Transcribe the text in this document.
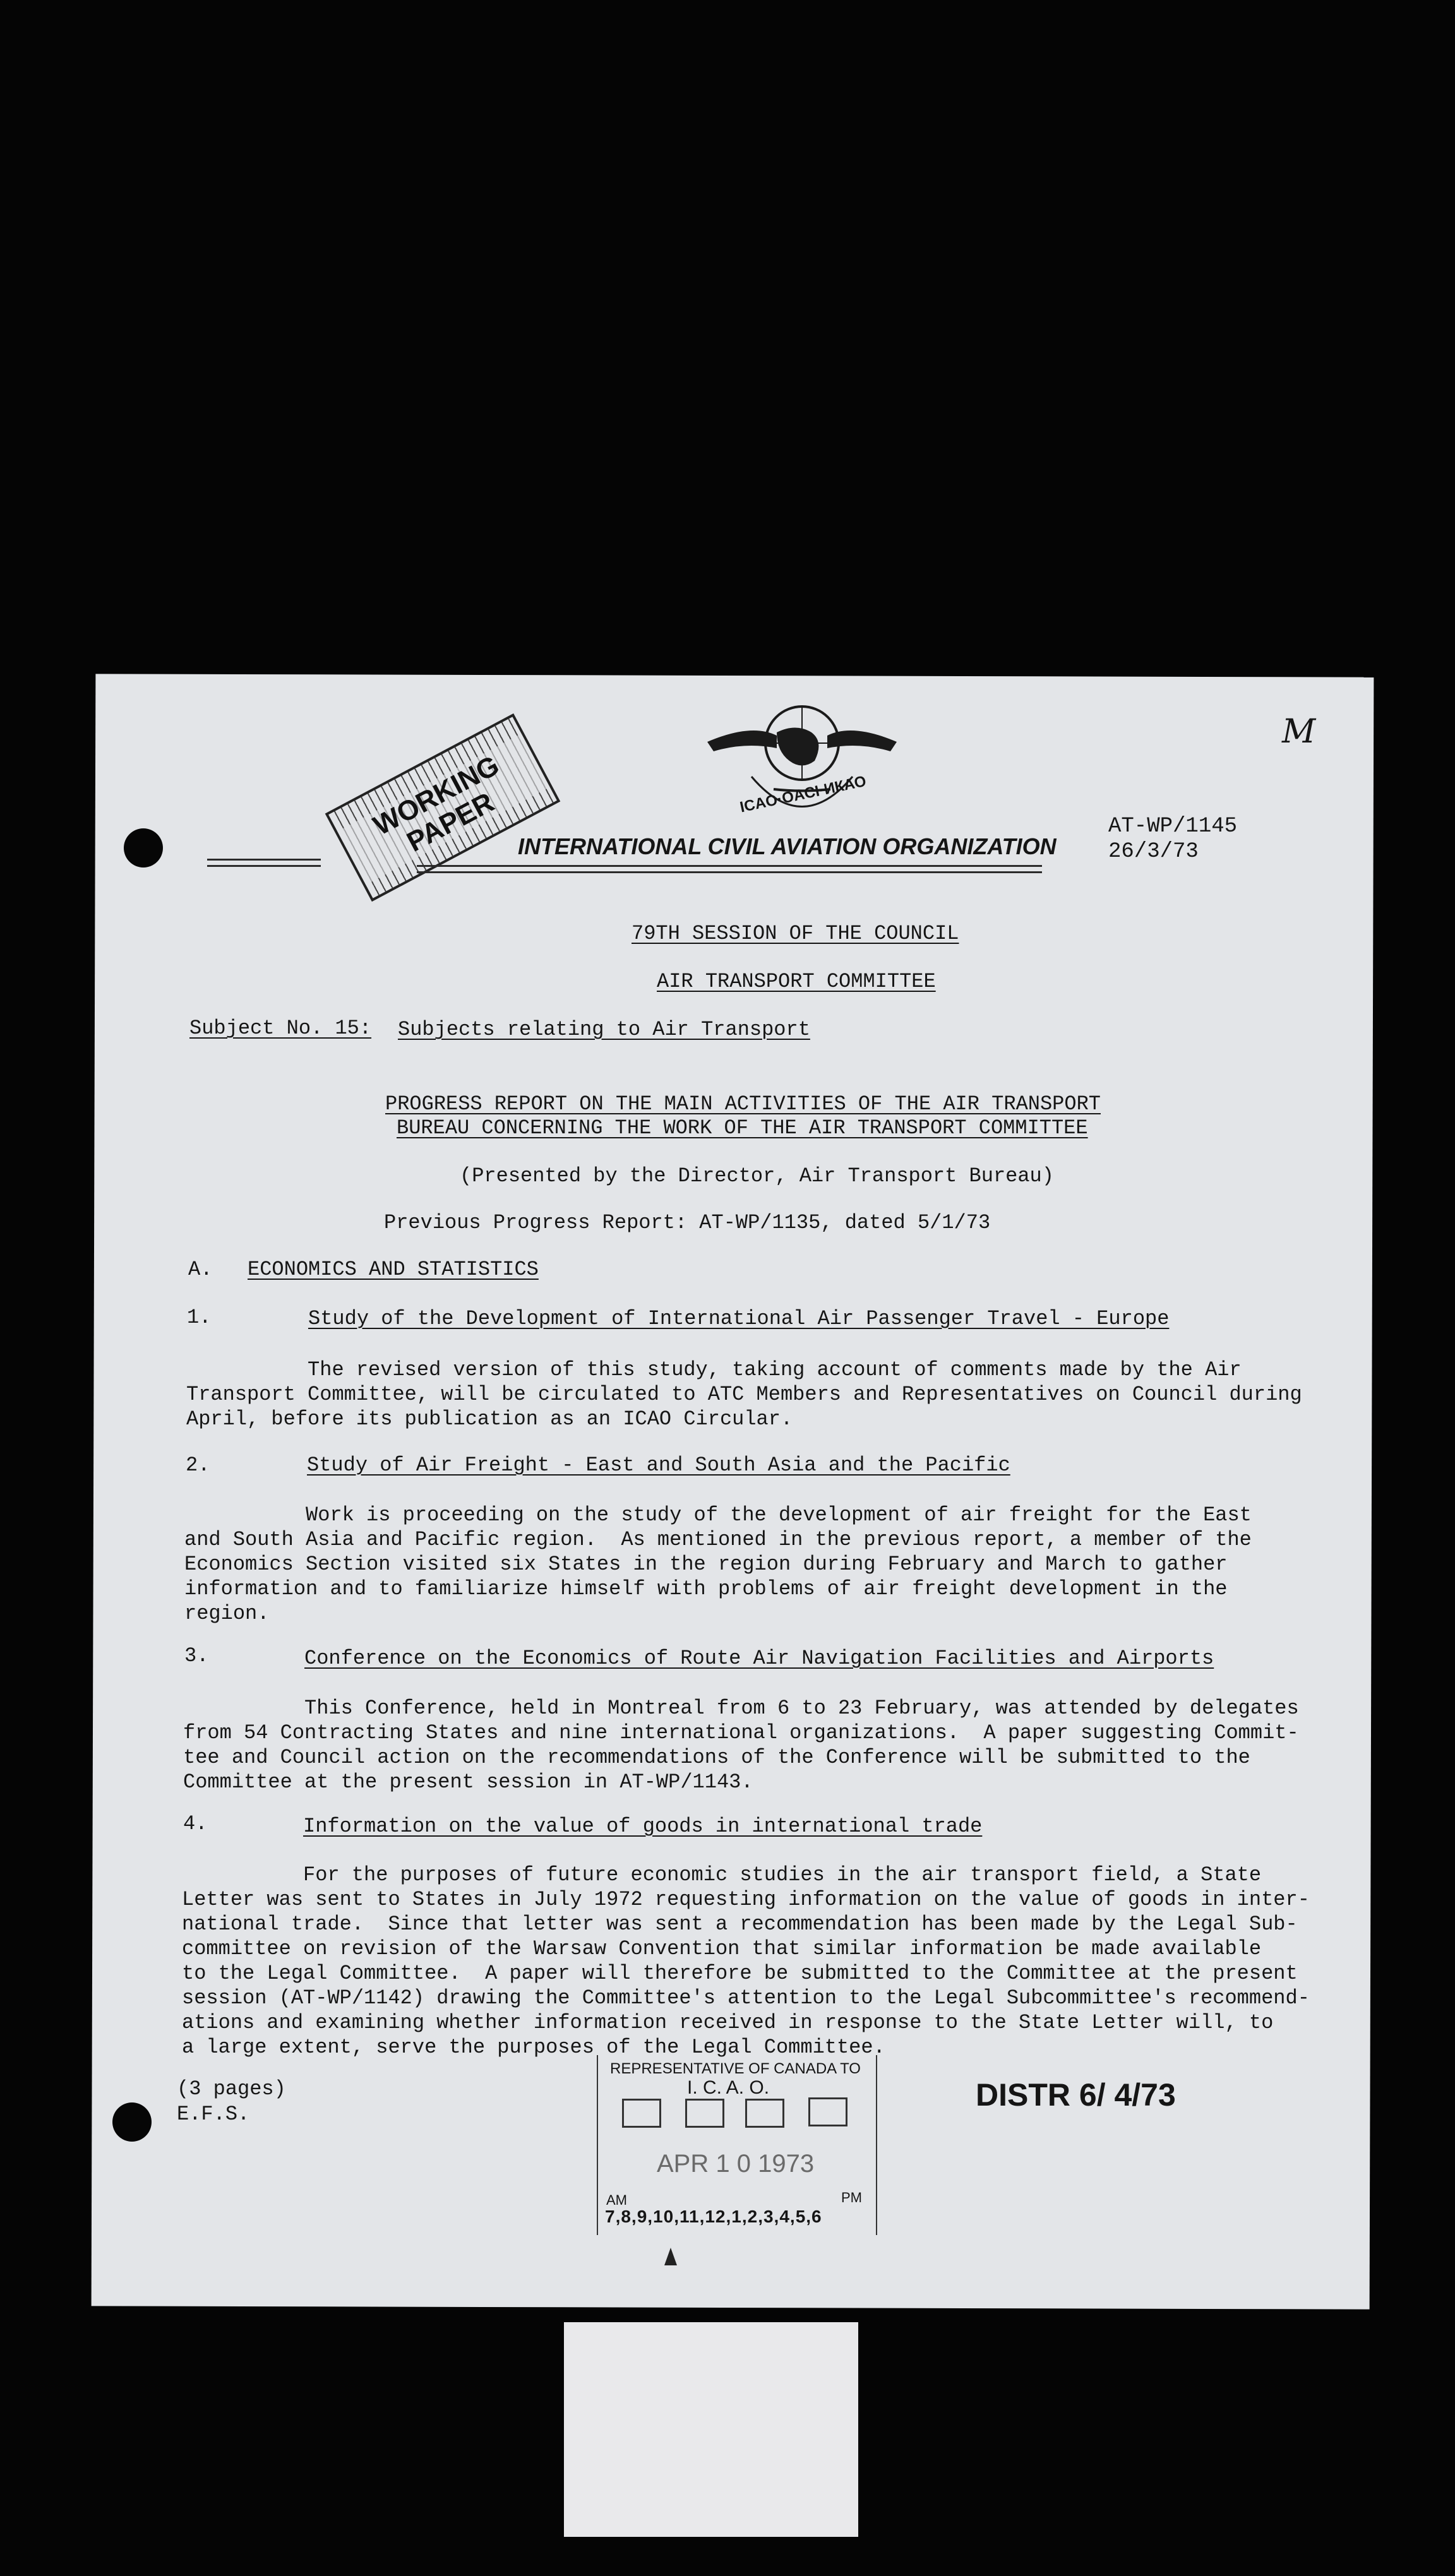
WORKING PAPER	ICAO·OACI·ИКАО
INTERNATIONAL CIVIL AVIATION ORGANIZATION
AT-WP/1145
26/3/73
M
79TH SESSION OF THE COUNCIL
AIR TRANSPORT COMMITTEE
Subject No. 15: Subjects relating to Air Transport
PROGRESS REPORT ON THE MAIN ACTIVITIES OF THE AIR TRANSPORT
BUREAU CONCERNING THE WORK OF THE AIR TRANSPORT COMMITTEE
(Presented by the Director, Air Transport Bureau)
Previous Progress Report: AT-WP/1135, dated 5/1/73
A. ECONOMICS AND STATISTICS
1.	Study of the Development of International Air Passenger Travel - Europe
The revised version of this study, taking account of comments made by the Air
Transport Committee, will be circulated to ATC Members and Representatives on Council during
April, before its publication as an ICAO Circular.
2.	Study of Air Freight - East and South Asia and the Pacific
Work is proceeding on the study of the development of air freight for the East
and South Asia and Pacific region.  As mentioned in the previous report, a member of the
Economics Section visited six States in the region during February and March to gather
information and to familiarize himself with problems of air freight development in the
region.
3.	Conference on the Economics of Route Air Navigation Facilities and Airports
This Conference, held in Montreal from 6 to 23 February, was attended by delegates
from 54 Contracting States and nine international organizations.  A paper suggesting Commit-
tee and Council action on the recommendations of the Conference will be submitted to the
Committee at the present session in AT-WP/1143.
4.	Information on the value of goods in international trade
For the purposes of future economic studies in the air transport field, a State
Letter was sent to States in July 1972 requesting information on the value of goods in inter-
national trade.  Since that letter was sent a recommendation has been made by the Legal Sub-
committee on revision of the Warsaw Convention that similar information be made available
to the Legal Committee.  A paper will therefore be submitted to the Committee at the present
session (AT-WP/1142) drawing the Committee's attention to the Legal Subcommittee's recommend-
ations and examining whether information received in response to the State Letter will, to
a large extent, serve the purposes of the Legal Committee.
(3 pages)
E.F.S.
REPRESENTATIVE OF CANADA TO
I. C. A. O.
APR 1 0 1973
AM	PM
7,8,9,10,11,12,1,2,3,4,5,6
DISTR 6/ 4/73
